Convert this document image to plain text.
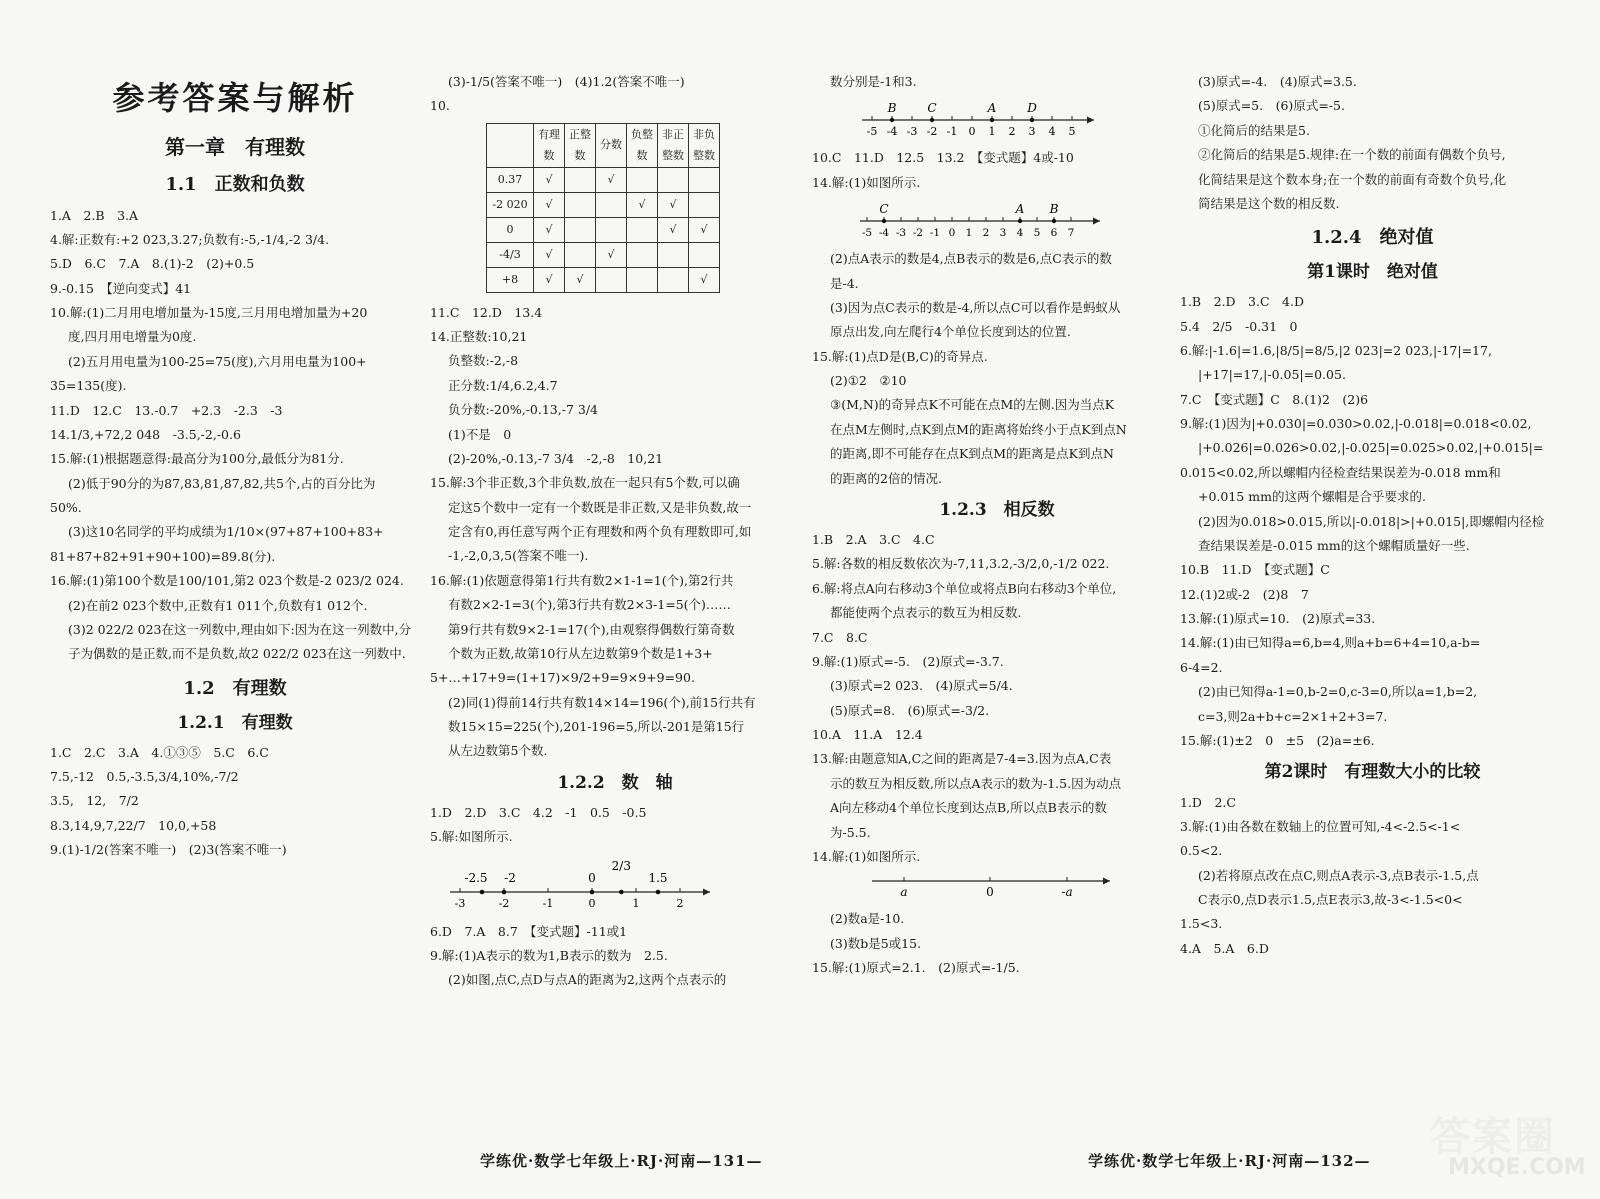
参考答案与解析
第一章　有理数
1.1　正数和负数
1.A　2.B　3.A
4.解:正数有:+2 023,3.27;负数有:-5,-1/4,-2 3/4.
5.D　6.C　7.A　8.(1)-2　(2)+0.5
9.-0.15　【逆向变式】41
10.解:(1)二月用电增加量为-15度,三月用电增加量为+20
度,四月用电增量为0度.
(2)五月用电量为100-25=75(度),六月用电量为100+
35=135(度).
11.D　12.C　13.-0.7　+2.3　-2.3　-3
14.1/3,+72,2 048　-3.5,-2,-0.6
15.解:(1)根据题意得:最高分为100分,最低分为81分.
(2)低于90分的为87,83,81,87,82,共5个,占的百分比为
50%.
(3)这10名同学的平均成绩为1/10×(97+87+100+83+
81+87+82+91+90+100)=89.8(分).
16.解:(1)第100个数是100/101,第2 023个数是-2 023/2 024.
(2)在前2 023个数中,正数有1 011个,负数有1 012个.
(3)2 022/2 023在这一列数中,理由如下:因为在这一列数中,分
子为偶数的是正数,而不是负数,故2 022/2 023在这一列数中.
1.2　有理数
1.2.1　有理数
1.C　2.C　3.A　4.①③⑤　5.C　6.C
7.5,-12　0.5,-3.5,3/4,10%,-7/2
3.5,　12,　7/2
8.3,14,9,7,22/7　10,0,+58
9.(1)-1/2(答案不唯一)　(2)3(答案不唯一)
(3)-1/5(答案不唯一)　(4)1.2(答案不唯一)
10.
	有理数	正整数	分数	负整数	非正整数	非负整数
0.37	√		√			
-2 020	√			√	√	
0	√				√	√
-4/3	√		√			
+8	√	√				√
11.C　12.D　13.4
14.正整数:10,21
负整数:-2,-8
正分数:1/4,6.2,4.7
负分数:-20%,-0.13,-7 3/4
(1)不是　0
(2)-20%,-0.13,-7 3/4　-2,-8　10,21
15.解:3个非正数,3个非负数,放在一起只有5个数,可以确
定这5个数中一定有一个数既是非正数,又是非负数,故一
定含有0,再任意写两个正有理数和两个负有理数即可,如
-1,-2,0,3,5(答案不唯一).
16.解:(1)依题意得第1行共有数2×1-1=1(个),第2行共
有数2×2-1=3(个),第3行共有数2×3-1=5(个)……
第9行共有数9×2-1=17(个),由观察得偶数行第奇数
个数为正数,故第10行从左边数第9个数是1+3+
5+…+17+9=(1+17)×9/2+9=9×9+9=90.
(2)同(1)得前14行共有数14×14=196(个),前15行共有
数15×15=225(个),201-196=5,所以-201是第15行
从左边数第5个数.
1.2.2　数　轴
1.D　2.D　3.C　4.2　-1　0.5　-0.5
5.解:如图所示.
-3	-2	-1	0	1	2
-2.5 -2	0
2/3
1.5
6.D　7.A　8.7　【变式题】-11或1
9.解:(1)A表示的数为1,B表示的数为　2.5.
(2)如图,点C,点D与点A的距离为2,这两个点表示的
数分别是-1和3.
-5 -4 -3 -2 -1 0 1 2 3 4 5
B	C	A	D
10.C　11.D　12.5　13.2　【变式题】4或-10
14.解:(1)如图所示.
-5 -4 -3 -2 -1 0 1 2 3 4 5 6 7
C	A B
(2)点A表示的数是4,点B表示的数是6,点C表示的数
是-4.
(3)因为点C表示的数是-4,所以点C可以看作是蚂蚁从
原点出发,向左爬行4个单位长度到达的位置.
15.解:(1)点D是(B,C)的奇异点.
(2)①2　②10
③(M,N)的奇异点K不可能在点M的左侧.因为当点K
在点M左侧时,点K到点M的距离将始终小于点K到点N
的距离,即不可能存在点K到点M的距离是点K到点N
的距离的2倍的情况.
1.2.3　相反数
1.B　2.A　3.C　4.C
5.解:各数的相反数依次为-7,11,3.2,-3/2,0,-1/2 022.
6.解:将点A向右移动3个单位或将点B向右移动3个单位,
都能使两个点表示的数互为相反数.
7.C　8.C
9.解:(1)原式=-5.　(2)原式=-3.7.
(3)原式=2 023.　(4)原式=5/4.
(5)原式=8.　(6)原式=-3/2.
10.A　11.A　12.4
13.解:由题意知A,C之间的距离是7-4=3.因为点A,C表
示的数互为相反数,所以点A表示的数为-1.5.因为动点
A向左移动4个单位长度到达点B,所以点B表示的数
为-5.5.
14.解:(1)如图所示.
a	0	-a
(2)数a是-10.
(3)数b是5或15.
15.解:(1)原式=2.1.　(2)原式=-1/5.
(3)原式=-4.　(4)原式=3.5.
(5)原式=5.　(6)原式=-5.
①化简后的结果是5.
②化简后的结果是5.规律:在一个数的前面有偶数个负号,
化简结果是这个数本身;在一个数的前面有奇数个负号,化
简结果是这个数的相反数.
1.2.4　绝对值
第1课时　绝对值
1.B　2.D　3.C　4.D
5.4　2/5　-0.31　0
6.解:|-1.6|=1.6,|8/5|=8/5,|2 023|=2 023,|-17|=17,
|+17|=17,|-0.05|=0.05.
7.C　【变式题】C　8.(1)2　(2)6
9.解:(1)因为|+0.030|=0.030>0.02,|-0.018|=0.018<0.02,
|+0.026|=0.026>0.02,|-0.025|=0.025>0.02,|+0.015|=
0.015<0.02,所以螺帽内径检查结果误差为-0.018 mm和
+0.015 mm的这两个螺帽是合乎要求的.
(2)因为0.018>0.015,所以|-0.018|>|+0.015|,即螺帽内径检
查结果误差是-0.015 mm的这个螺帽质量好一些.
10.B　11.D　【变式题】C
12.(1)2或-2　(2)8　7
13.解:(1)原式=10.　(2)原式=33.
14.解:(1)由已知得a=6,b=4,则a+b=6+4=10,a-b=
6-4=2.
(2)由已知得a-1=0,b-2=0,c-3=0,所以a=1,b=2,
c=3,则2a+b+c=2×1+2+3=7.
15.解:(1)±2　0　±5　(2)a=±6.
第2课时　有理数大小的比较
1.D　2.C
3.解:(1)由各数在数轴上的位置可知,-4<-2.5<-1<
0.5<2.
(2)若将原点改在点C,则点A表示-3,点B表示-1.5,点
C表示0,点D表示1.5,点E表示3,故-3<-1.5<0<
1.5<3.
4.A　5.A　6.D
学练优·数学七年级上·RJ·河南—131—	学练优·数学七年级上·RJ·河南—132—
答案圈
MXQE.COM
